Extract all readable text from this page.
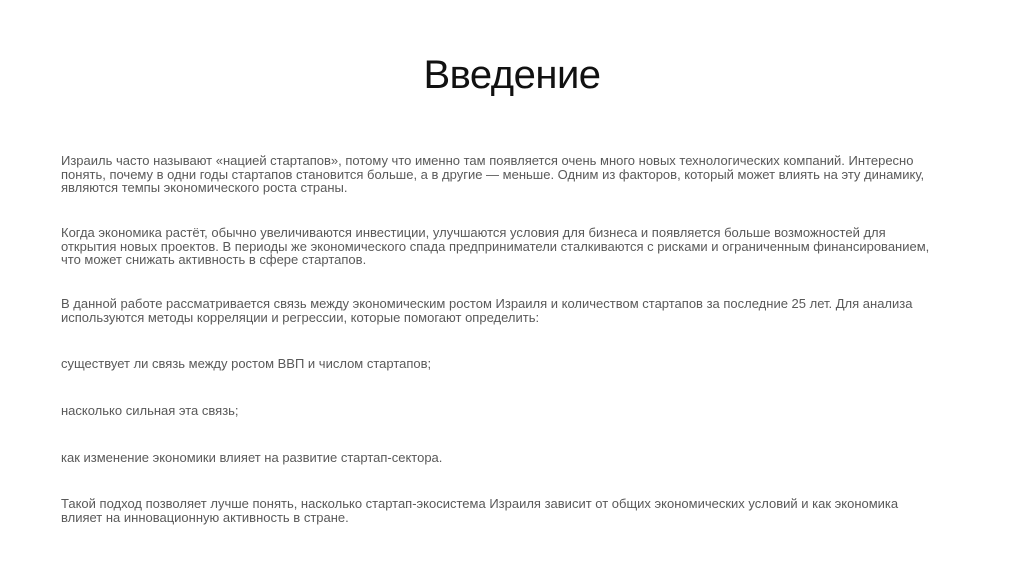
Введение

Израиль часто называют «нацией стартапов», потому что именно там появляется очень много новых технологических компаний. Интересно понять, почему в одни годы стартапов становится больше, а в другие — меньше. Одним из факторов, который может влиять на эту динамику, являются темпы экономического роста страны.

Когда экономика растёт, обычно увеличиваются инвестиции, улучшаются условия для бизнеса и появляется больше возможностей для открытия новых проектов. В периоды же экономического спада предприниматели сталкиваются с рисками и ограниченным финансированием, что может снижать активность в сфере стартапов.

В данной работе рассматривается связь между экономическим ростом Израиля и количеством стартапов за последние 25 лет. Для анализа используются методы корреляции и регрессии, которые помогают определить:

существует ли связь между ростом ВВП и числом стартапов;

насколько сильная эта связь;

как изменение экономики влияет на развитие стартап-сектора.

Такой подход позволяет лучше понять, насколько стартап-экосистема Израиля зависит от общих экономических условий и как экономика влияет на инновационную активность в стране.
